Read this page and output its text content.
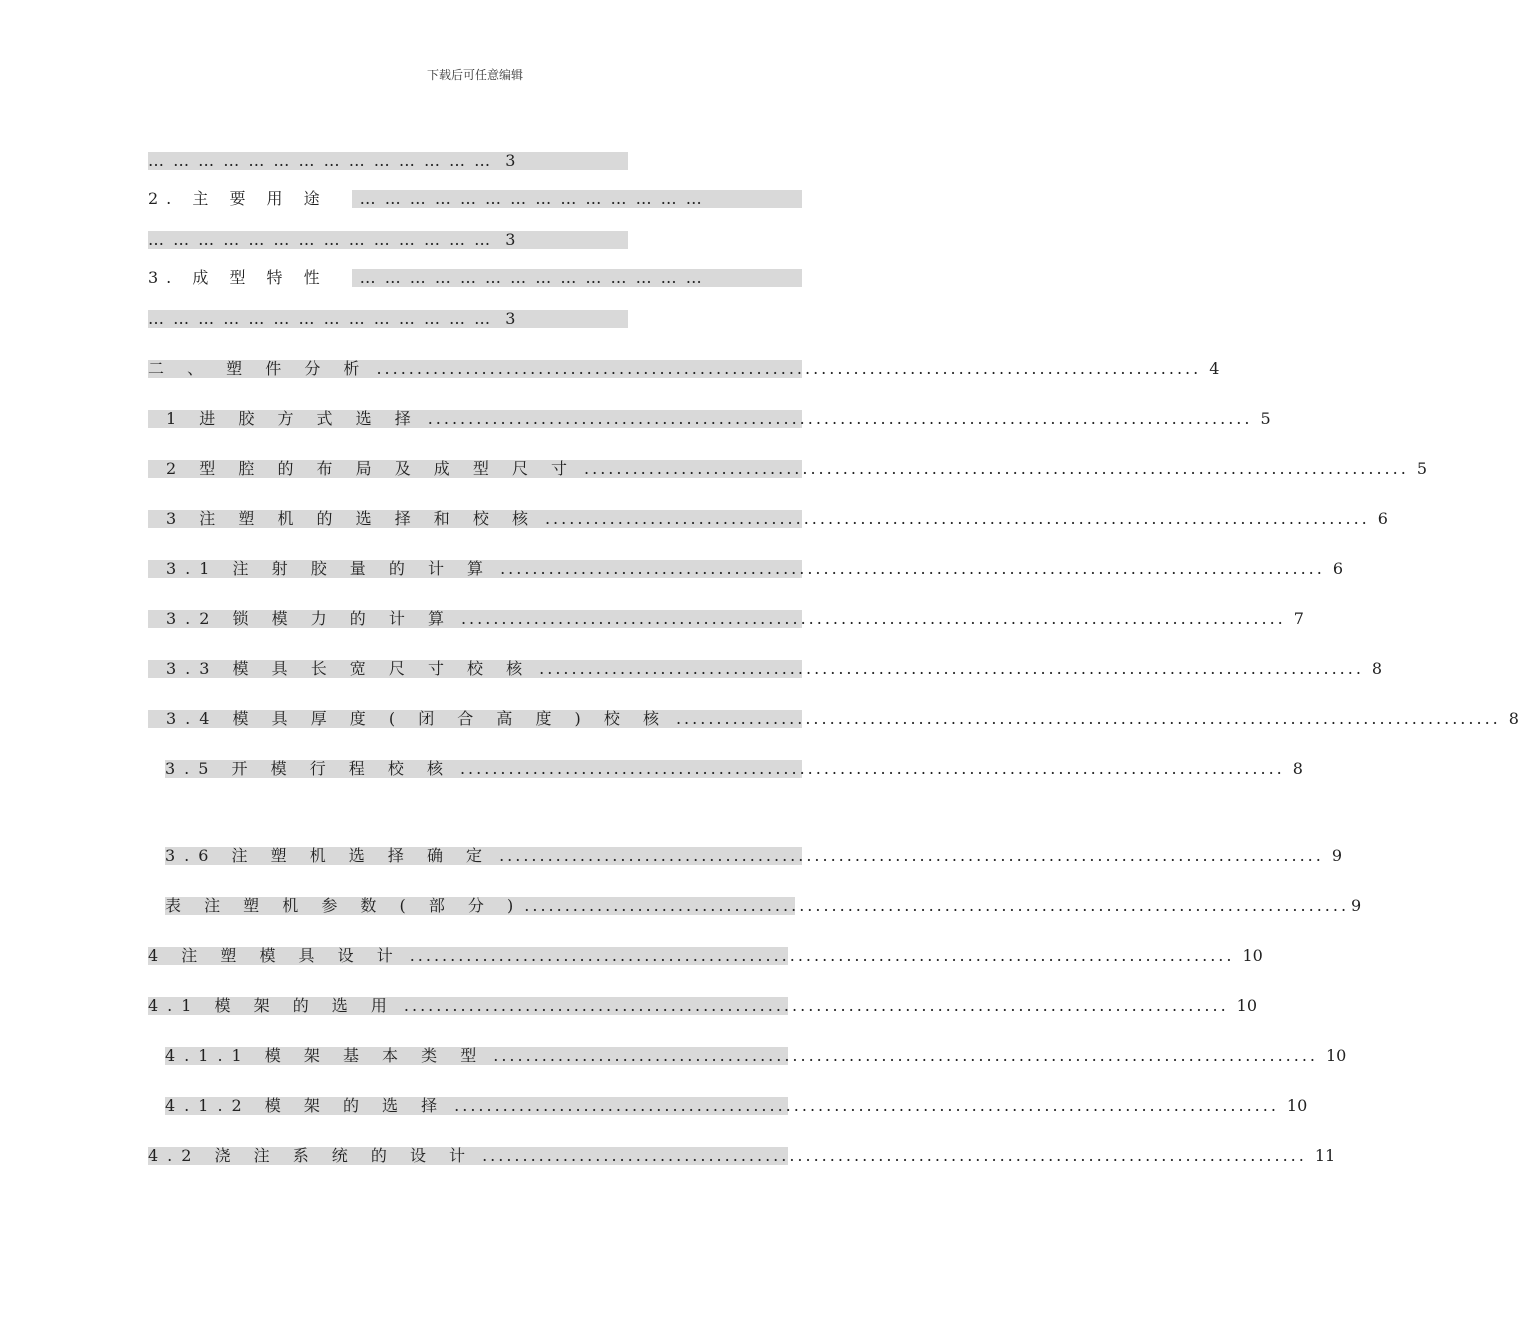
下载后可任意编辑
… … … … … … … … … … … … … … 3
2. 主 要 用 途	… … … … … … … … … … … … … …
… … … … … … … … … … … … … … 3
3. 成 型 特 性	… … … … … … … … … … … … … …
… … … … … … … … … … … … … … 3
二 、 塑 件 分 析 ...................................................................................................... 4
1 进 胶 方 式 选 择 ...................................................................................................... 5
2 型 腔 的 布 局 及 成 型 尺 寸 ...................................................................................................... 5
3 注 塑 机 的 选 择 和 校 核 ...................................................................................................... 6
3.1 注 射 胶 量 的 计 算 ...................................................................................................... 6
3.2 锁 模 力 的 计 算 ...................................................................................................... 7
3.3 模 具 长 宽 尺 寸 校 核 ...................................................................................................... 8
3.4 模 具 厚 度 ( 闭 合 高 度 ) 校 核 ...................................................................................................... 8
3.5 开 模 行 程 校 核 ...................................................................................................... 8
3.6 注 塑 机 选 择 确 定 ...................................................................................................... 9
表 注 塑 机 参 数 ( 部 分 ) ...................................................................................................... 9
4 注 塑 模 具 设 计 ...................................................................................................... 10
4.1 模 架 的 选 用 ...................................................................................................... 10
4.1.1 模 架 基 本 类 型 ...................................................................................................... 10
4.1.2 模 架 的 选 择 ...................................................................................................... 10
4.2 浇 注 系 统 的 设 计 ...................................................................................................... 11
